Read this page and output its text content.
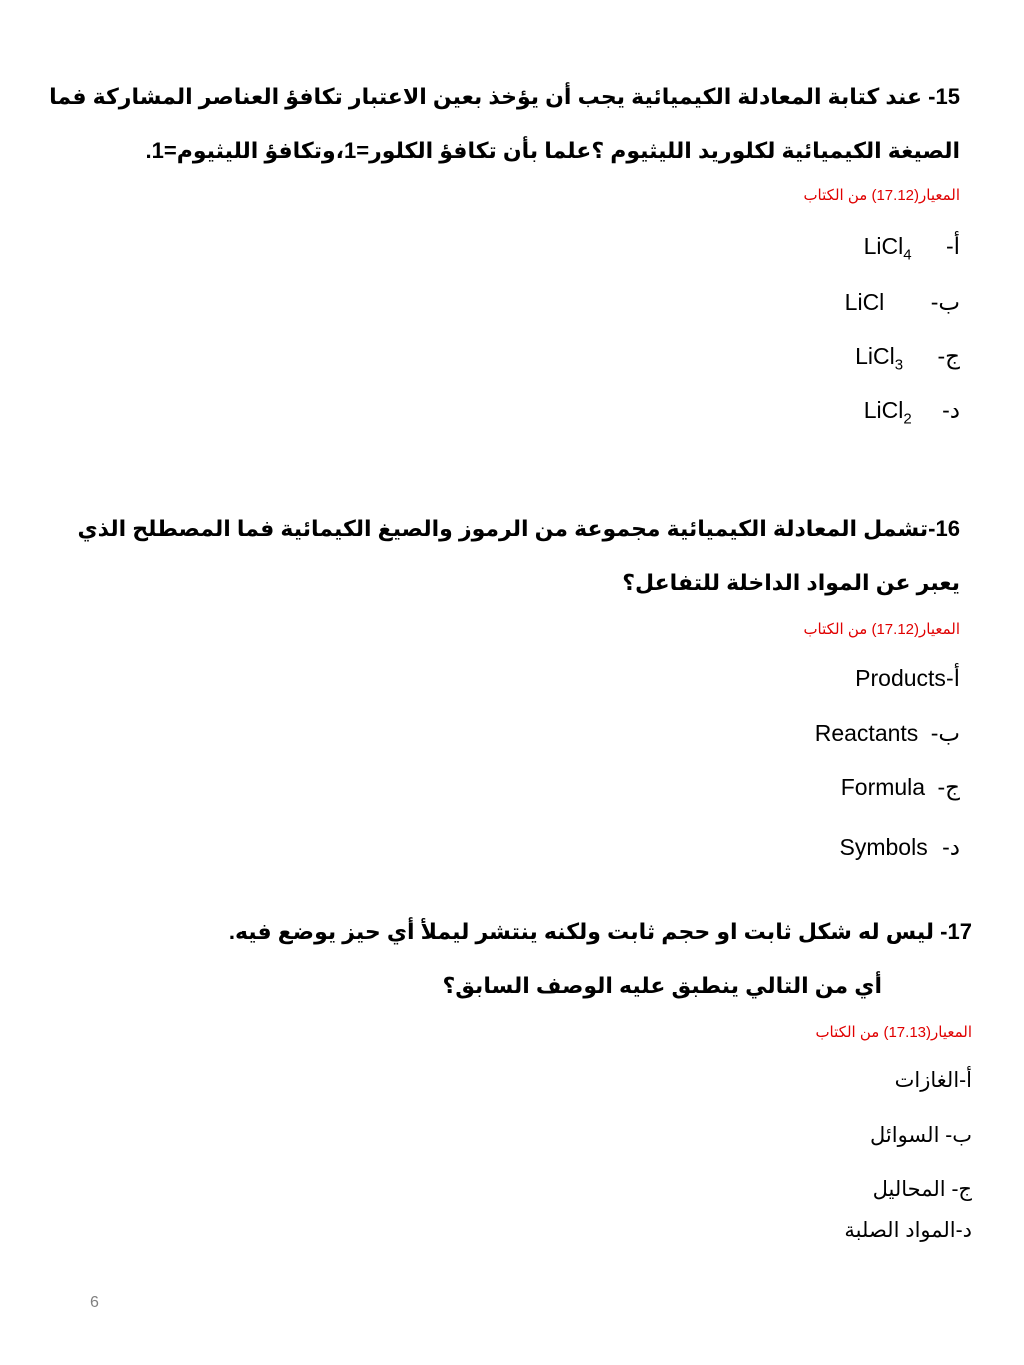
15- عند كتابة المعادلة الكيميائية يجب أن يؤخذ بعين الاعتبار تكافؤ العناصر المشاركة فما
الصيغة الكيميائية لكلوريد الليثيوم ؟علما بأن تكافؤ الكلور=1،وتكافؤ الليثيوم=1.
المعيار(17.12) من الكتاب
أ- LiCl$_4$
ب- LiCl
ج- LiCl$_3$
د- LiCl$_2$
16-تشمل المعادلة الكيميائية مجموعة من الرموز والصيغ الكيمائية فما المصطلح الذي
يعبر عن المواد الداخلة للتفاعل؟
المعيار(17.12) من الكتاب
أ-Products
ب- Reactants
ج- Formula
د- Symbols
17- ليس له شكل ثابت او حجم ثابت ولكنه ينتشر ليملأ أي حيز يوضع فيه.
أي من التالي ينطبق عليه الوصف السابق؟
المعيار(17.13) من الكتاب
أ-الغازات
ب- السوائل
ج- المحاليل
د-المواد الصلبة
6
